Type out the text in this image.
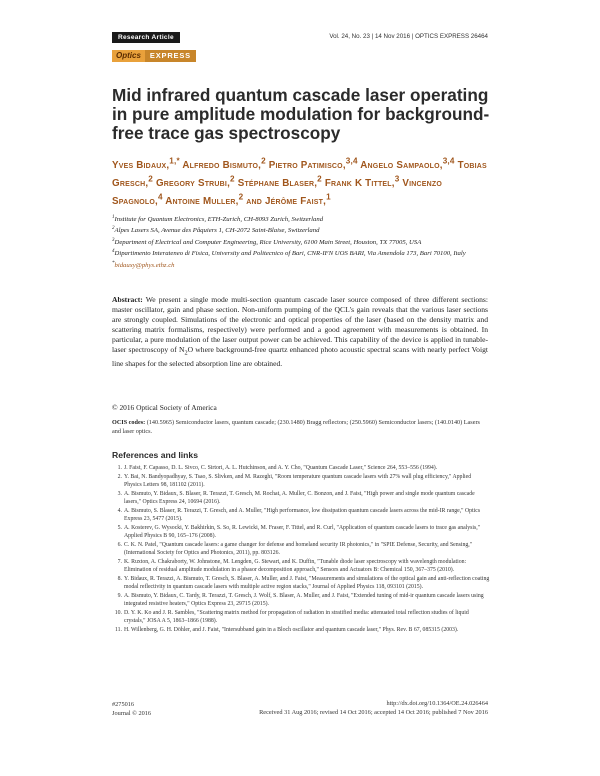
Research Article	Vol. 24, No. 23 | 14 Nov 2016 | OPTICS EXPRESS 26464
Optics	EXPRESS
Mid infrared quantum cascade laser operating in pure amplitude modulation for background-free trace gas spectroscopy
Yves Bidaux,$^{1,*}$ Alfredo Bismuto,$^2$ Pietro Patimisco,$^{3,4}$ Angelo Sampaolo,$^{3,4}$ Tobias Gresch,$^2$ Gregory Strubi,$^2$ Stéphane Blaser,$^2$ Frank K Tittel,$^3$ Vincenzo Spagnolo,$^4$ Antoine Muller,$^2$ and Jérôme Faist,$^1$
$^1$Institute for Quantum Electronics, ETH-Zurich, CH-8093 Zurich, Switzerland
$^2$Alpes Lasers SA, Avenue des Pâquiers 1, CH-2072 Saint-Blaise, Switzerland
$^3$Department of Electrical and Computer Engineering, Rice University, 6100 Main Street, Houston, TX 77005, USA
$^4$Dipartimento Interateneo di Fisica, University and Politecnico of Bari, CNR-IFN UOS BARI, Via Amendola 173, Bari 70100, Italy
*bidauxy@phys.ethz.ch

Abstract: We present a single mode multi-section quantum cascade laser source composed of three different sections: master oscillator, gain and phase section. Non-uniform pumping of the QCL's gain reveals that the various laser sections are strongly coupled. Simulations of the electronic and optical properties of the laser (based on the density matrix and scattering matrix formalisms, respectively) were performed and a good agreement with measurements is obtained. In particular, a pure modulation of the laser output power can be achieved. This capability of the device is applied in tunable-laser spectroscopy of $N_2O$ where background-free quartz enhanced photo acoustic spectral scans with nearly perfect Voigt line shapes for the selected absorption line are obtained.

© 2016 Optical Society of America

OCIS codes: (140.5965) Semiconductor lasers, quantum cascade; (230.1480) Bragg reflectors; (250.5960) Semiconductor lasers; (140.0140) Lasers and laser optics.

References and links
1. J. Faist, F. Capasso, D. L. Sivco, C. Sirtori, A. L. Hutchinson, and A. Y. Cho, "Quantum Cascade Laser," Science 264, 553–556 (1994).
2. Y. Bai, N. Bandyopadhyay, S. Tsao, S. Slivken, and M. Razeghi, "Room temperature quantum cascade lasers with 27% wall plug efficiency," Applied Physics Letters 98, 181102 (2011).
3. A. Bismuto, Y. Bidaux, S. Blaser, R. Terazzi, T. Gresch, M. Rochat, A. Muller, C. Bonzon, and J. Faist, "High power and single mode quantum cascade lasers," Optics Express 24, 10694 (2016).
4. A. Bismuto, S. Blaser, R. Terazzi, T. Gresch, and A. Muller, "High performance, low dissipation quantum cascade lasers across the mid-IR range," Optics Express 23, 5477 (2015).
5. A. Kosterev, G. Wysocki, Y. Bakhirkin, S. So, R. Lewicki, M. Fraser, F. Tittel, and R. Curl, "Application of quantum cascade lasers to trace gas analysis," Applied Physics B 90, 165–176 (2008).
6. C. K. N. Patel, "Quantum cascade lasers: a game changer for defense and homeland security IR photonics," in "SPIE Defense, Security, and Sensing," (International Society for Optics and Photonics, 2011), pp. 803126.
7. K. Ruxton, A. Chakraborty, W. Johnstone, M. Lengden, G. Stewart, and K. Duffin, "Tunable diode laser spectroscopy with wavelength modulation: Elimination of residual amplitude modulation in a phasor decomposition approach," Sensors and Actuators B: Chemical 150, 367–375 (2010).
8. Y. Bidaux, R. Terazzi, A. Bismuto, T. Gresch, S. Blaser, A. Muller, and J. Faist, "Measurements and simulations of the optical gain and anti-reflection coating modal reflectivity in quantum cascade lasers with multiple active region stacks," Journal of Applied Physics 118, 093101 (2015).
9. A. Bismuto, Y. Bidaux, C. Tardy, R. Terazzi, T. Gresch, J. Wolf, S. Blaser, A. Muller, and J. Faist, "Extended tuning of mid-ir quantum cascade lasers using integrated resistive heaters," Optics Express 23, 29715 (2015).
10. D. Y. K. Ko and J. R. Sambles, "Scattering matrix method for propagation of radiation in stratified media: attenuated total reflection studies of liquid crystals," JOSA A 5, 1863–1866 (1988).
11. H. Willenberg, G. H. Döhler, and J. Faist, "Intersubband gain in a Bloch oscillator and quantum cascade laser," Phys. Rev. B 67, 085315 (2003).
#275016
Journal © 2016
http://dx.doi.org/10.1364/OE.24.026464
Received 31 Aug 2016; revised 14 Oct 2016; accepted 14 Oct 2016; published 7 Nov 2016
